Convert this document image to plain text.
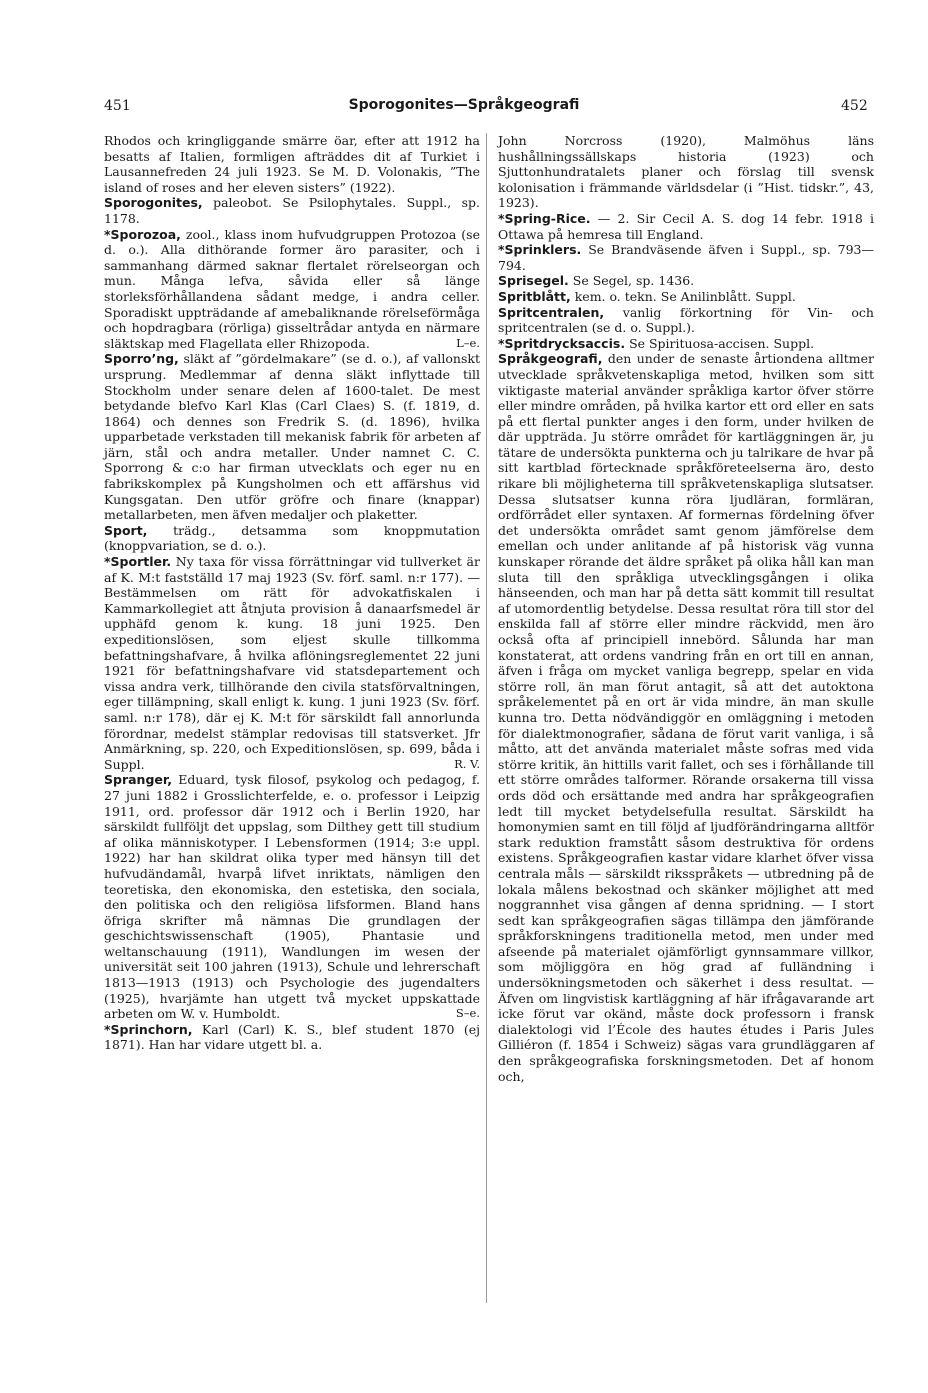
451	Sporogonites—Språkgeografi	452

Rhodos och kringliggande smärre öar, efter att 1912 ha besatts af Italien, formligen afträddes dit af Turkiet i Lausannefreden 24 juli 1923. Se M. D. Volonakis, ”The island of roses and her eleven sisters” (1922).

Sporogonites, paleobot. Se Psilophytales. Suppl., sp. 1178.

*Sporozoa, zool., klass inom hufvudgruppen Protozoa (se d. o.). Alla dithörande former äro parasiter, och i sammanhang därmed saknar flertalet rörelseorgan och mun. Många lefva, såvida eller så länge storleksförhållandena sådant medge, i andra celler. Sporadiskt uppträdande af amebaliknande rörelseförmåga och hopdragbara (rörliga) gisseltrådar antyda en närmare släktskap med Flagellata eller Rhizopoda.	L–e.

Sporro’ng, släkt af ”gördelmakare” (se d. o.), af vallonskt ursprung. Medlemmar af denna släkt inflyttade till Stockholm under senare delen af 1600-talet. De mest betydande blefvo Karl Klas (Carl Claes) S. (f. 1819, d. 1864) och dennes son Fredrik S. (d. 1896), hvilka upparbetade verkstaden till mekanisk fabrik för arbeten af järn, stål och andra metaller. Under namnet C. C. Sporrong & c:o har firman utvecklats och eger nu en fabrikskomplex på Kungsholmen och ett affärshus vid Kungsgatan. Den utför gröfre och finare (knappar) metallarbeten, men äfven medaljer och plaketter.

Sport, trädg., detsamma som knoppmutation (knoppvariation, se d. o.).

*Sportler. Ny taxa för vissa förrättningar vid tullverket är af K. M:t fastställd 17 maj 1923 (Sv. förf. saml. n:r 177). — Bestämmelsen om rätt för advokatfiskalen i Kammarkollegiet att åtnjuta provision å danaarfsmedel är upphäfd genom k. kung. 18 juni 1925. Den expeditionslösen, som eljest skulle tillkomma befattningshafvare, å hvilka aflöningsreglementet 22 juni 1921 för befattningshafvare vid statsdepartement och vissa andra verk, tillhörande den civila statsförvaltningen, eger tillämpning, skall enligt k. kung. 1 juni 1923 (Sv. förf. saml. n:r 178), där ej K. M:t för särskildt fall annorlunda förordnar, medelst stämplar redovisas till statsverket. Jfr Anmärkning, sp. 220, och Expeditionslösen, sp. 699, båda i Suppl.	R. V.

Spranger, Eduard, tysk filosof, psykolog och pedagog, f. 27 juni 1882 i Grosslichterfelde, e. o. professor i Leipzig 1911, ord. professor där 1912 och i Berlin 1920, har särskildt fullföljt det uppslag, som Dilthey gett till studium af olika människotyper. I Lebensformen (1914; 3:e uppl. 1922) har han skildrat olika typer med hänsyn till det hufvudändamål, hvarpå lifvet inriktats, nämligen den teoretiska, den ekonomiska, den estetiska, den sociala, den politiska och den religiösa lifsformen. Bland hans öfriga skrifter må nämnas Die grundlagen der geschichtswissenschaft (1905), Phantasie und weltanschauung (1911), Wandlungen im wesen der universität seit 100 jahren (1913), Schule und lehrerschaft 1813—1913 (1913) och Psychologie des jugendalters (1925), hvarjämte han utgett två mycket uppskattade arbeten om W. v. Humboldt.	S–e.

*Sprinchorn, Karl (Carl) K. S., blef student 1870 (ej 1871). Han har vidare utgett bl. a.

John Norcross (1920), Malmöhus läns hushållningssällskaps historia (1923) och Sjuttonhundratalets planer och förslag till svensk kolonisation i främmande världsdelar (i ”Hist. tidskr.”, 43, 1923).

*Spring-Rice. — 2. Sir Cecil A. S. dog 14 febr. 1918 i Ottawa på hemresa till England.

*Sprinklers. Se Brandväsende äfven i Suppl., sp. 793—794.

Sprisegel. Se Segel, sp. 1436.

Spritblått, kem. o. tekn. Se Anilinblått. Suppl.

Spritcentralen, vanlig förkortning för Vin- och spritcentralen (se d. o. Suppl.).

*Spritdrycksaccis. Se Spirituosa-accisen. Suppl.

Språkgeografi, den under de senaste årtiondena alltmer utvecklade språkvetenskapliga metod, hvilken som sitt viktigaste material använder språkliga kartor öfver större eller mindre områden, på hvilka kartor ett ord eller en sats på ett flertal punkter anges i den form, under hvilken de där uppträda. Ju större området för kartläggningen är, ju tätare de undersökta punkterna och ju talrikare de hvar på sitt kartblad förtecknade språkföreteelserna äro, desto rikare bli möjligheterna till språkvetenskapliga slutsatser. Dessa slutsatser kunna röra ljudläran, formläran, ordförrådet eller syntaxen. Af formernas fördelning öfver det undersökta området samt genom jämförelse dem emellan och under anlitande af på historisk väg vunna kunskaper rörande det äldre språket på olika håll kan man sluta till den språkliga utvecklingsgången i olika hänseenden, och man har på detta sätt kommit till resultat af utomordentlig betydelse. Dessa resultat röra till stor del enskilda fall af större eller mindre räckvidd, men äro också ofta af principiell innebörd. Sålunda har man konstaterat, att ordens vandring från en ort till en annan, äfven i fråga om mycket vanliga begrepp, spelar en vida större roll, än man förut antagit, så att det autoktona språkelementet på en ort är vida mindre, än man skulle kunna tro. Detta nödvändiggör en omläggning i metoden för dialektmonografier, sådana de förut varit vanliga, i så måtto, att det använda materialet måste sofras med vida större kritik, än hittills varit fallet, och ses i förhållande till ett större områdes talformer. Rörande orsakerna till vissa ords död och ersättande med andra har språkgeografien ledt till mycket betydelsefulla resultat. Särskildt ha homonymien samt en till följd af ljudförändringarna alltför stark reduktion framstått såsom destruktiva för ordens existens. Språkgeografien kastar vidare klarhet öfver vissa centrala måls — särskildt riksspråkets — utbredning på de lokala målens bekostnad och skänker möjlighet att med noggrannhet visa gången af denna spridning. — I stort sedt kan språkgeografien sägas tillämpa den jämförande språkforskningens traditionella metod, men under med afseende på materialet ojämförligt gynnsammare villkor, som möjliggöra en hög grad af fulländning i undersökningsmetoden och säkerhet i dess resultat. — Äfven om lingvistisk kartläggning af här ifrågavarande art icke förut var okänd, måste dock professorn i fransk dialektologi vid l’École des hautes études i Paris Jules Gilliéron (f. 1854 i Schweiz) sägas vara grundläggaren af den språkgeografiska forskningsmetoden. Det af honom och,
